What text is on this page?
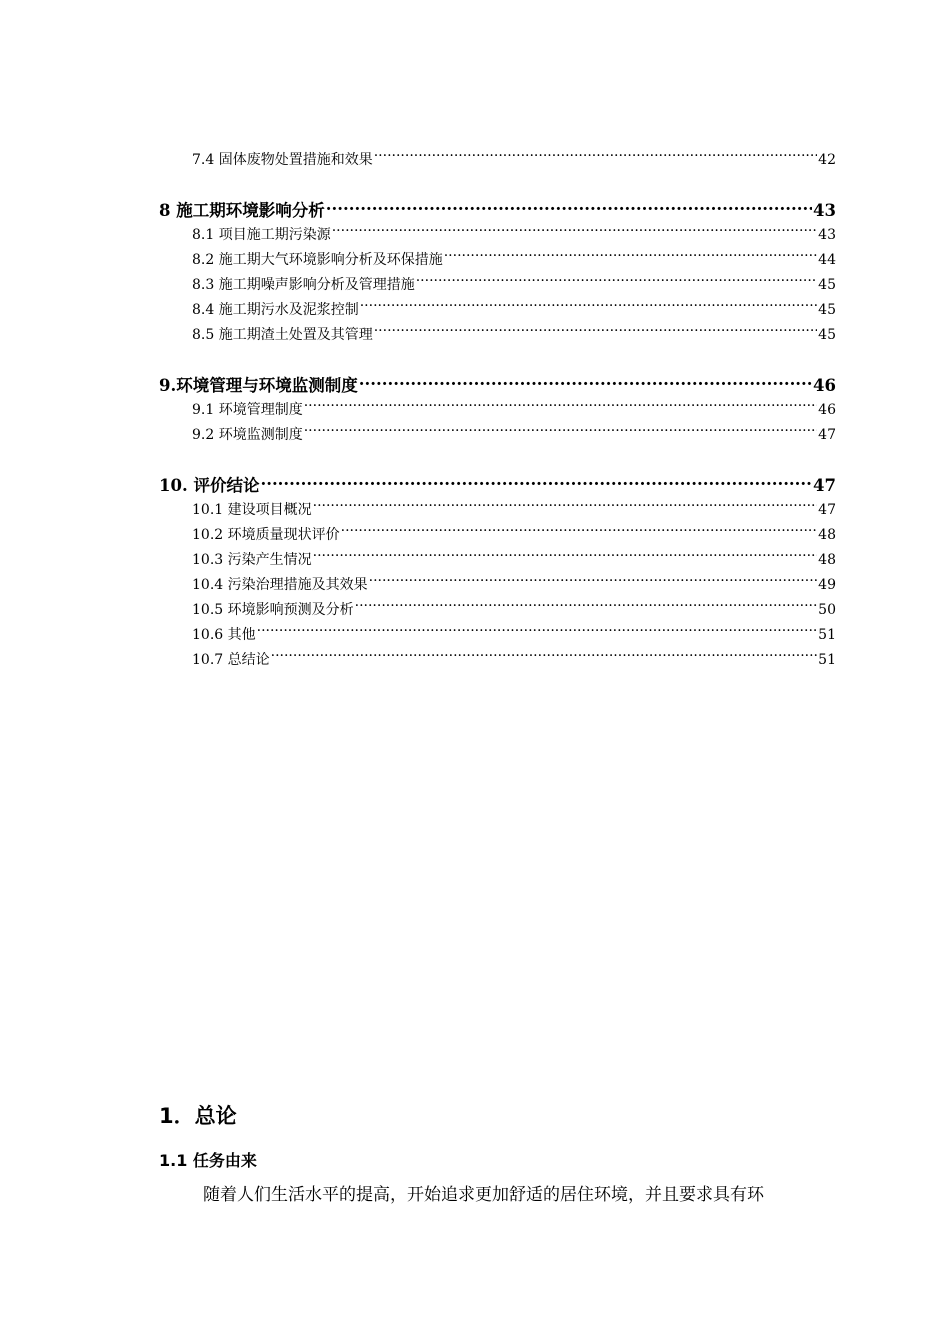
7.4 固体废物处置措施和效果 .....	42
8 施工期环境影响分析 .....	43
8.1 项目施工期污染源 .....	43
8.2 施工期大气环境影响分析及环保措施 .....	44
8.3 施工期噪声影响分析及管理措施 .....	45
8.4 施工期污水及泥浆控制 .....	45
8.5 施工期渣土处置及其管理 .....	45
9.环境管理与环境监测制度 .....	46
9.1 环境管理制度 .....	46
9.2 环境监测制度 .....	47
10. 评价结论 .....	47
10.1 建设项目概况 .....	47
10.2 环境质量现状评价 .....	48
10.3 污染产生情况 .....	48
10.4 污染治理措施及其效果 .....	49
10.5 环境影响预测及分析 .....	50
10.6 其他 .....	51
10.7 总结论 .....	51
1．总论
1.1 任务由来

随着人们生活水平的提高，开始追求更加舒适的居住环境，并且要求具有环
